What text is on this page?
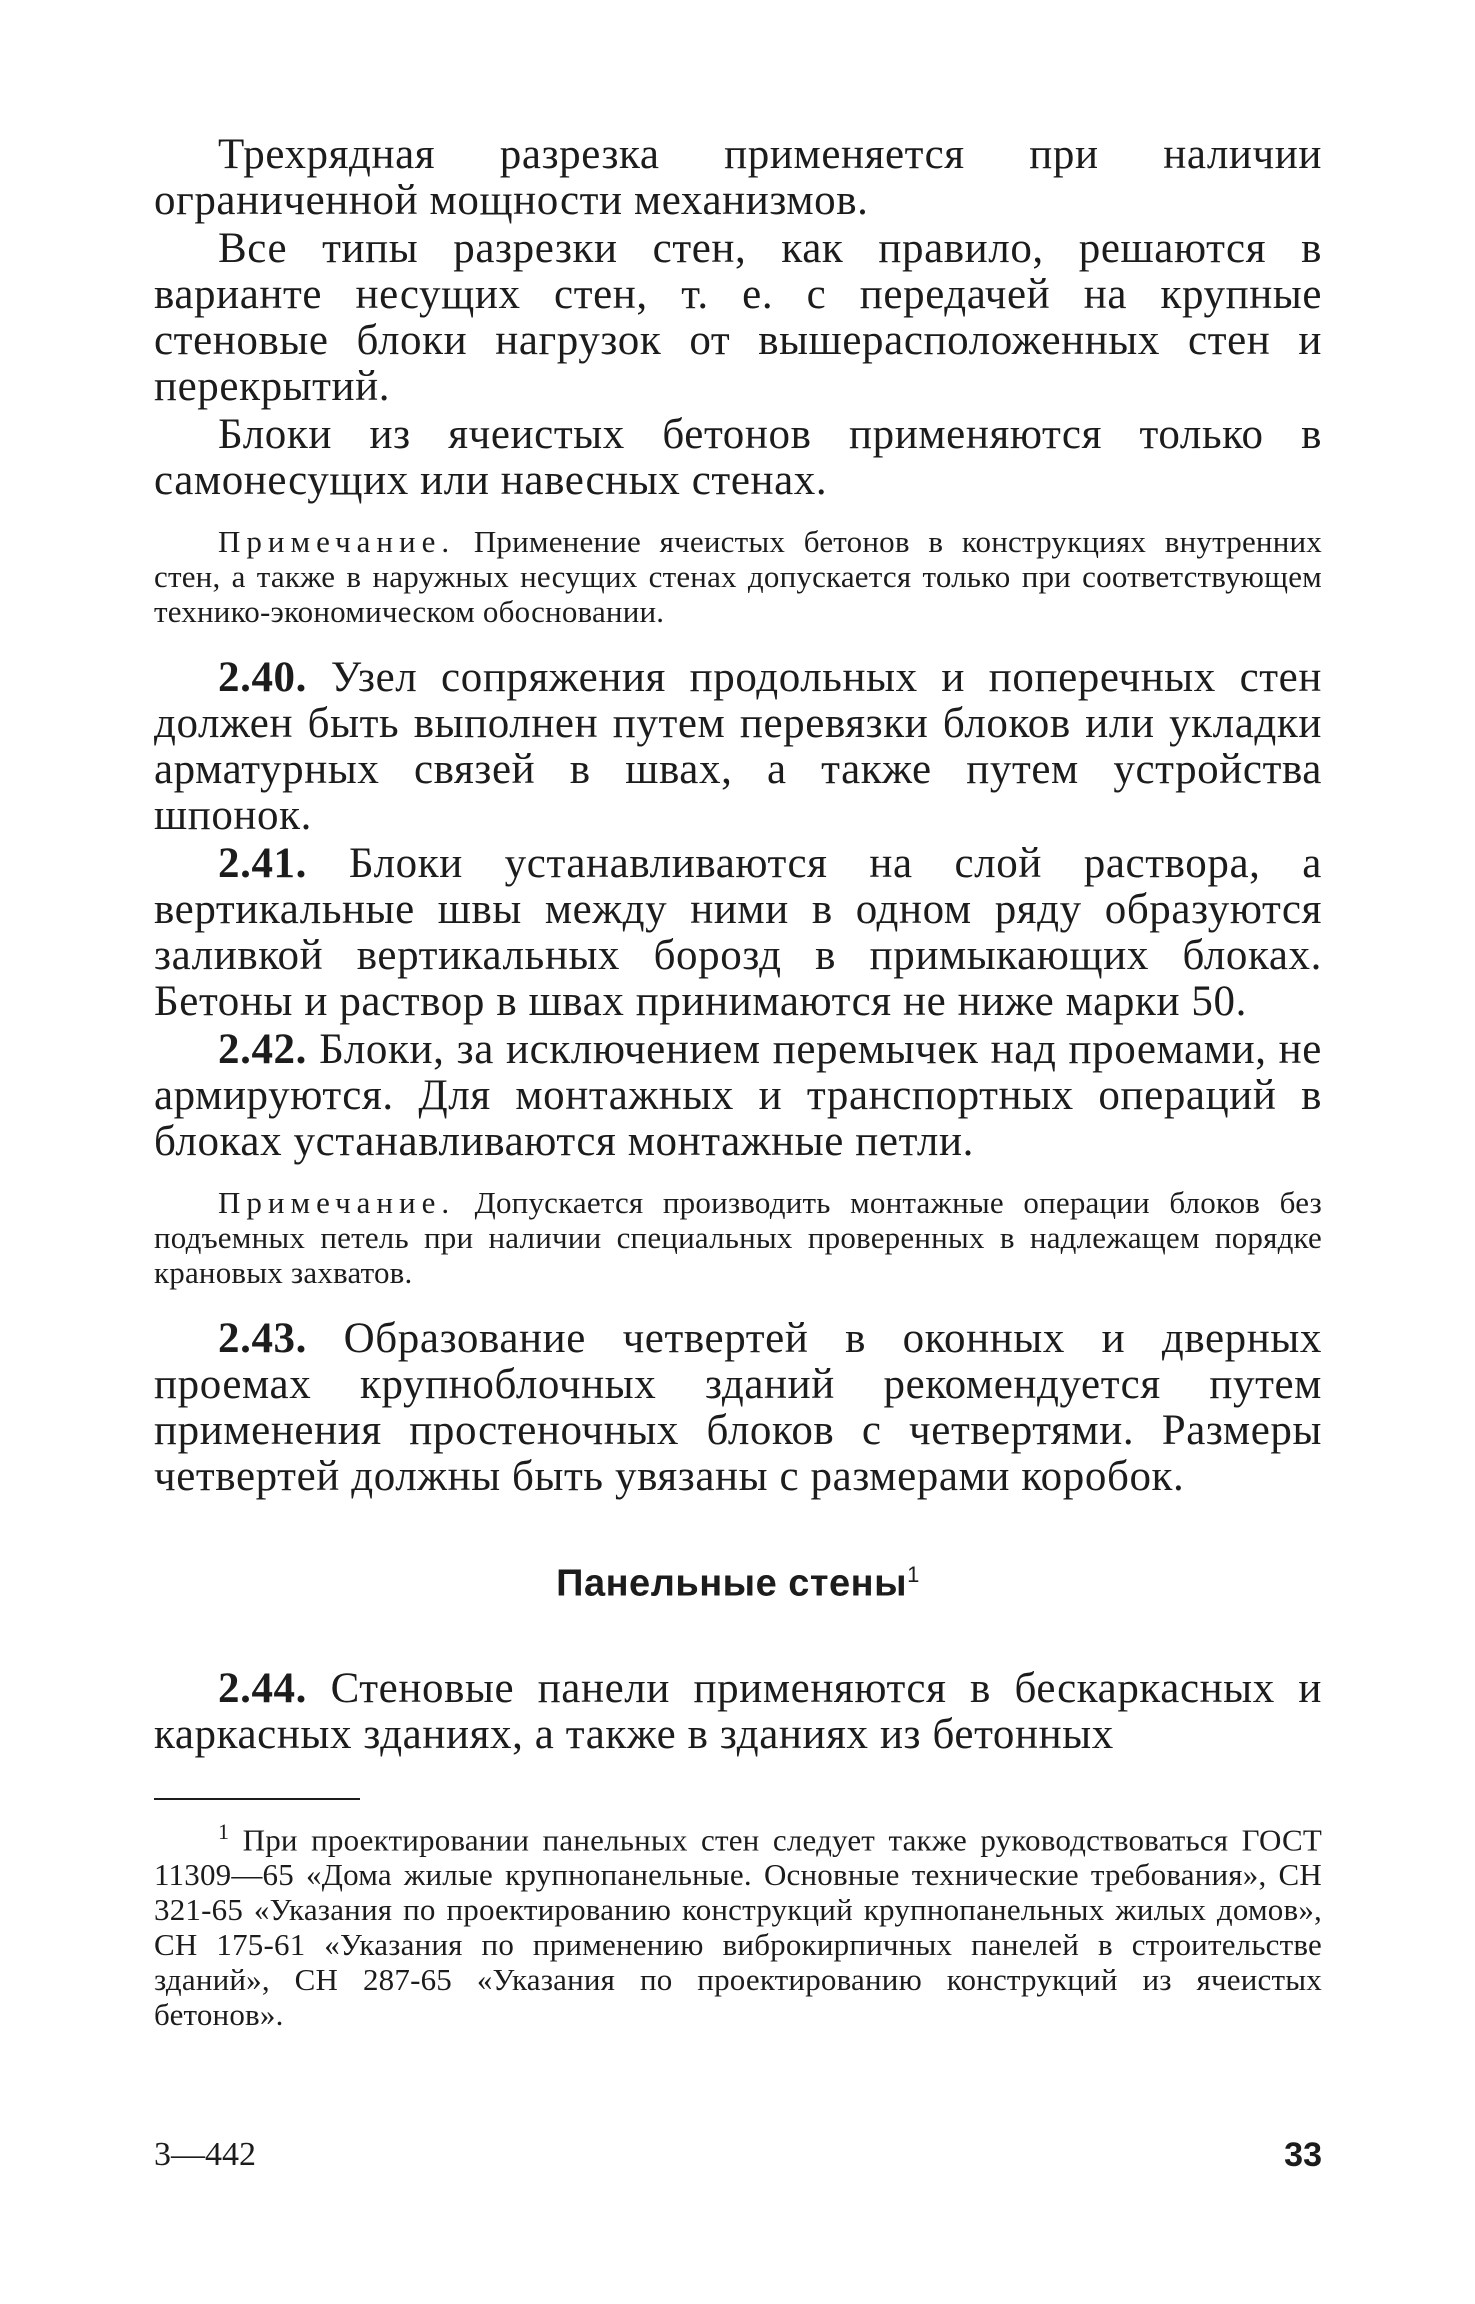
Трехрядная разрезка применяется при наличии ограниченной мощности механизмов.

Все типы разрезки стен, как правило, решаются в варианте несущих стен, т. е. с передачей на крупные стеновые блоки нагрузок от вышерасположенных стен и перекрытий.

Блоки из ячеистых бетонов применяются только в самонесущих или навесных стенах.

Примечание. Применение ячеистых бетонов в конструкциях внутренних стен, а также в наружных несущих стенах допускается только при соответствующем технико-экономическом обосновании.

2.40. Узел сопряжения продольных и поперечных стен должен быть выполнен путем перевязки блоков или укладки арматурных связей в швах, а также путем устройства шпонок.

2.41. Блоки устанавливаются на слой раствора, а вертикальные швы между ними в одном ряду образуются заливкой вертикальных борозд в примыкающих блоках. Бетоны и раствор в швах принимаются не ниже марки 50.

2.42. Блоки, за исключением перемычек над проемами, не армируются. Для монтажных и транспортных операций в блоках устанавливаются монтажные петли.

Примечание. Допускается производить монтажные операции блоков без подъемных петель при наличии специальных проверенных в надлежащем порядке крановых захватов.

2.43. Образование четвертей в оконных и дверных проемах крупноблочных зданий рекомендуется путем применения простеночных блоков с четвертями. Размеры четвертей должны быть увязаны с размерами коробок.

Панельные стены$^1$

2.44. Стеновые панели применяются в бескаркасных и каркасных зданиях, а также в зданиях из бетонных

$^1$ При проектировании панельных стен следует также руководствоваться ГОСТ 11309—65 «Дома жилые крупнопанельные. Основные технические требования», СН 321-65 «Указания по проектированию конструкций крупнопанельных жилых домов», СН 175-61 «Указания по применению виброкирпичных панелей в строительстве зданий», СН 287-65 «Указания по проектированию конструкций из ячеистых бетонов».

3—442	33
